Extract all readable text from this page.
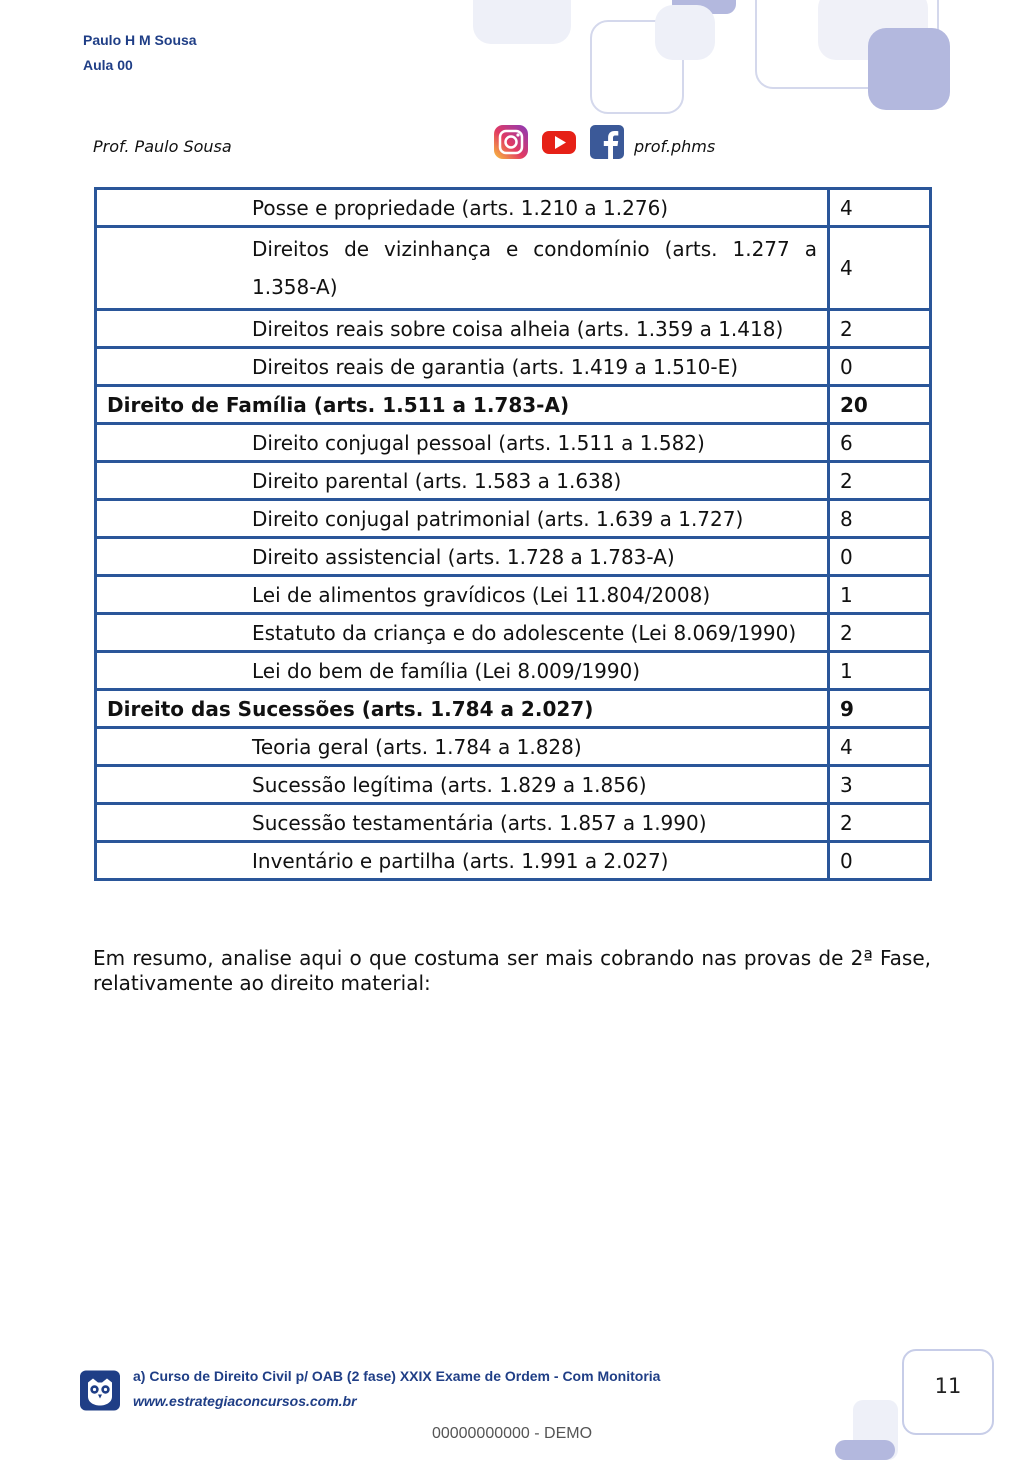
Paulo H M Sousa
Aula 00
Prof. Paulo Sousa	prof.phms
Posse e propriedade (arts. 1.210 a 1.276)	4
Direitos de vizinhança e condomínio (arts. 1.277 a 1.358-A)	4
Direitos reais sobre coisa alheia (arts. 1.359 a 1.418)	2
Direitos reais de garantia (arts. 1.419 a 1.510-E)	0
Direito de Família (arts. 1.511 a 1.783-A)	20
Direito conjugal pessoal (arts. 1.511 a 1.582)	6
Direito parental (arts. 1.583 a 1.638)	2
Direito conjugal patrimonial (arts. 1.639 a 1.727)	8
Direito assistencial (arts. 1.728 a 1.783-A)	0
Lei de alimentos gravídicos (Lei 11.804/2008)	1
Estatuto da criança e do adolescente (Lei 8.069/1990)	2
Lei do bem de família (Lei 8.009/1990)	1
Direito das Sucessões (arts. 1.784 a 2.027)	9
Teoria geral (arts. 1.784 a 1.828)	4
Sucessão legítima (arts. 1.829 a 1.856)	3
Sucessão testamentária (arts. 1.857 a 1.990)	2
Inventário e partilha (arts. 1.991 a 2.027)	0
Em resumo, analise aqui o que costuma ser mais cobrando nas provas de 2ª Fase, relativamente ao direito material:
a) Curso de Direito Civil p/ OAB (2 fase) XXIX Exame de Ordem - Com Monitoria
www.estrategiaconcursos.com.br
11
00000000000 - DEMO
